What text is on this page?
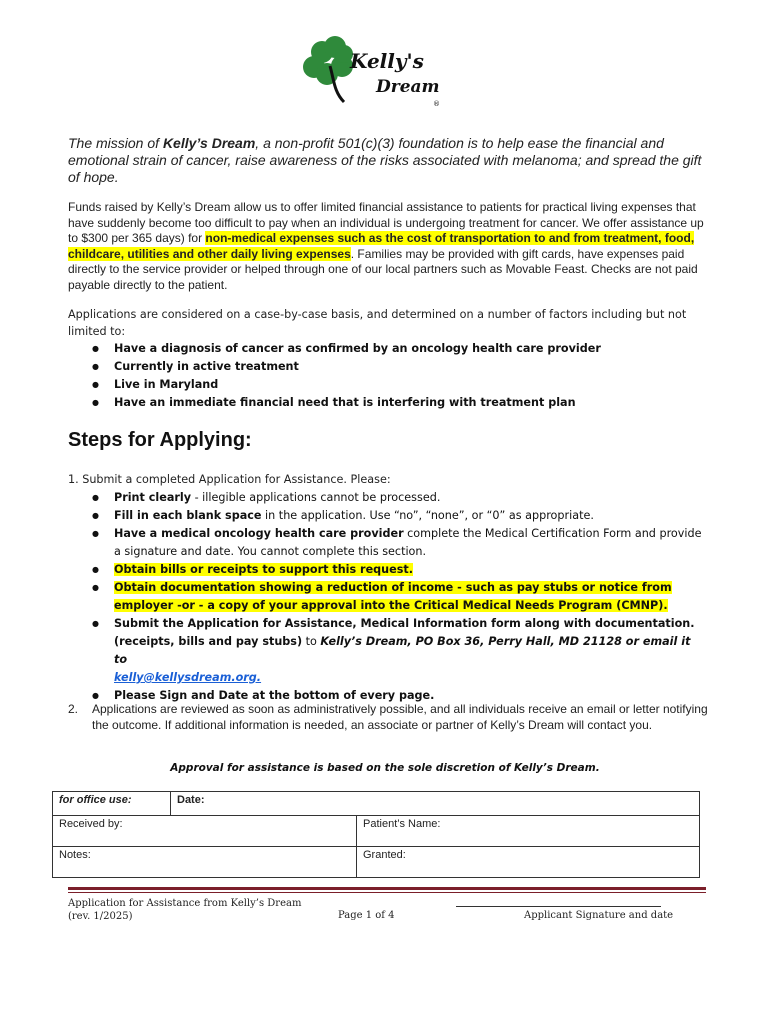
Kelly's
Dream
®
The mission of Kelly’s Dream, a non-profit 501(c)(3) foundation is to help ease the financial and emotional strain of cancer, raise awareness of the risks associated with melanoma; and spread the gift of hope.
Funds raised by Kelly’s Dream allow us to offer limited financial assistance to patients for practical living expenses that have suddenly become too difficult to pay when an individual is undergoing treatment for cancer. We offer assistance up to $300 per 365 days) for non-medical expenses such as the cost of transportation to and from treatment, food, childcare, utilities and other daily living expenses. Families may be provided with gift cards, have expenses paid directly to the service provider or helped through one of our local partners such as Movable Feast. Checks are not paid payable directly to the patient.
Applications are considered on a case-by-case basis, and determined on a number of factors including but not limited to:
● Have a diagnosis of cancer as confirmed by an oncology health care provider
● Currently in active treatment
● Live in Maryland
● Have an immediate financial need that is interfering with treatment plan
Steps for Applying:
1. Submit a completed Application for Assistance. Please:
● Print clearly - illegible applications cannot be processed.
● Fill in each blank space in the application. Use “no”, “none”, or “0” as appropriate.
● Have a medical oncology health care provider complete the Medical Certification Form and provide a signature and date. You cannot complete this section.
● Obtain bills or receipts to support this request.
● Obtain documentation showing a reduction of income - such as pay stubs or notice from employer -or - a copy of your approval into the Critical Medical Needs Program (CMNP).
● Submit the Application for Assistance, Medical Information form along with documentation. (receipts, bills and pay stubs) to Kelly’s Dream, PO Box 36, Perry Hall, MD 21128 or email it to
kelly@kellysdream.org.
● Please Sign and Date at the bottom of every page.
2. Applications are reviewed as soon as administratively possible, and all individuals receive an email or letter notifying the outcome. If additional information is needed, an associate or partner of Kelly’s Dream will contact you.
Approval for assistance is based on the sole discretion of Kelly’s Dream.
for office use:	Date:
Received by:	Patient’s Name:
Notes:	Granted:
Application for Assistance from Kelly’s Dream
(rev. 1/2025)	Page 1 of 4	Applicant Signature and date
